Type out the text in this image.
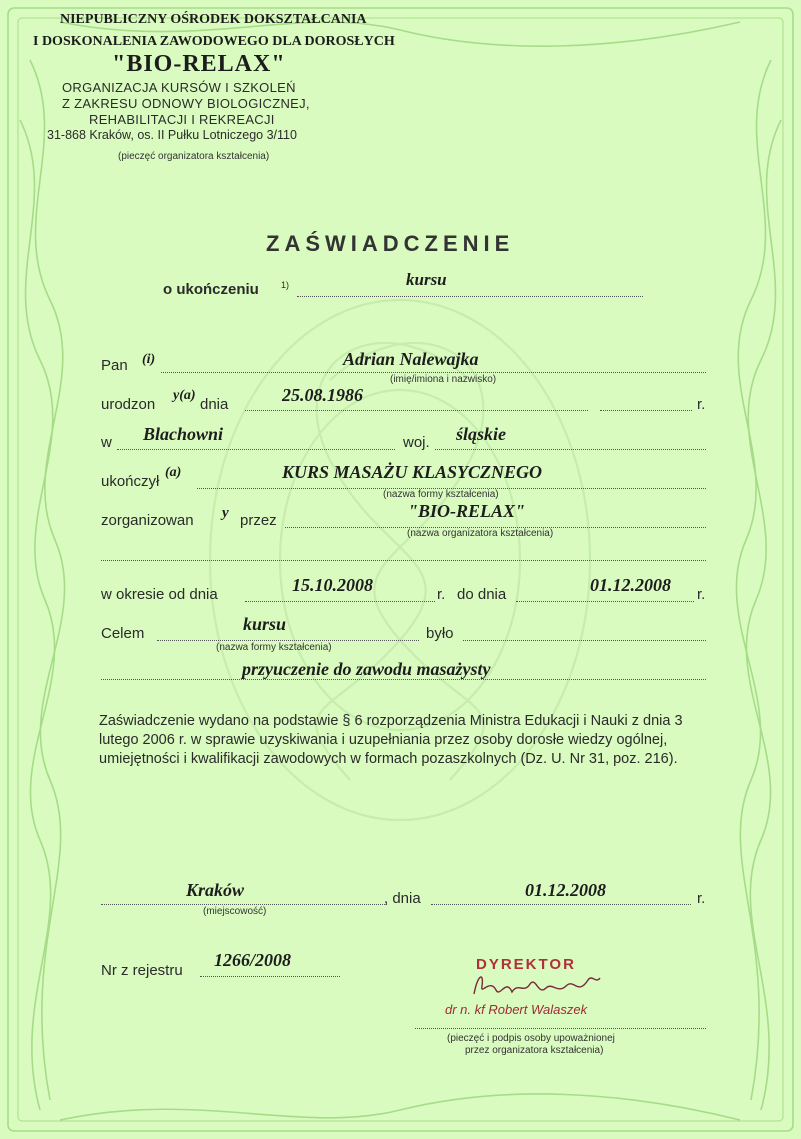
NIEPUBLICZNY OŚRODEK DOKSZTAŁCANIA
I DOSKONALENIA ZAWODOWEGO DLA DOROSŁYCH
"BIO-RELAX"
ORGANIZACJA KURSÓW I SZKOLEŃ
Z ZAKRESU ODNOWY BIOLOGICZNEJ,
REHABILITACJI I REKREACJI
31-868 Kraków, os. II Pułku Lotniczego 3/110
(pieczęć organizatora kształcenia)
ZAŚWIADCZENIE
o ukończeniu 1)	kursu
Pan (i)	Adrian Nalewajka
(imię/imiona i nazwisko)
urodzon
y(a)
dnia	25.08.1986	r.
w Blachowni	woj. śląskie
ukończył
(a)	KURS MASAŻU KLASYCZNEGO
(nazwa formy kształcenia)
zorganizowan y przez	"BIO-RELAX"
(nazwa organizatora kształcenia)
w okresie od dnia	15.10.2008	r. do dnia	01.12.2008 r.
Celem	kursu
(nazwa formy kształcenia)
było
przyuczenie do zawodu masażysty
Zaświadczenie wydano na podstawie § 6 rozporządzenia Ministra Edukacji i Nauki z dnia 3 lutego 2006 r. w sprawie uzyskiwania i uzupełniania przez osoby dorosłe wiedzy ogólnej, umiejętności i kwalifikacji zawodowych w formach pozaszkolnych (Dz. U. Nr 31, poz. 216).
Kraków
(miejscowość)
, dnia	01.12.2008	r.
Nr z rejestru
1266/2008	DYREKTOR
dr n. kf Robert Walaszek
(pieczęć i podpis osoby upoważnionej
przez organizatora kształcenia)
